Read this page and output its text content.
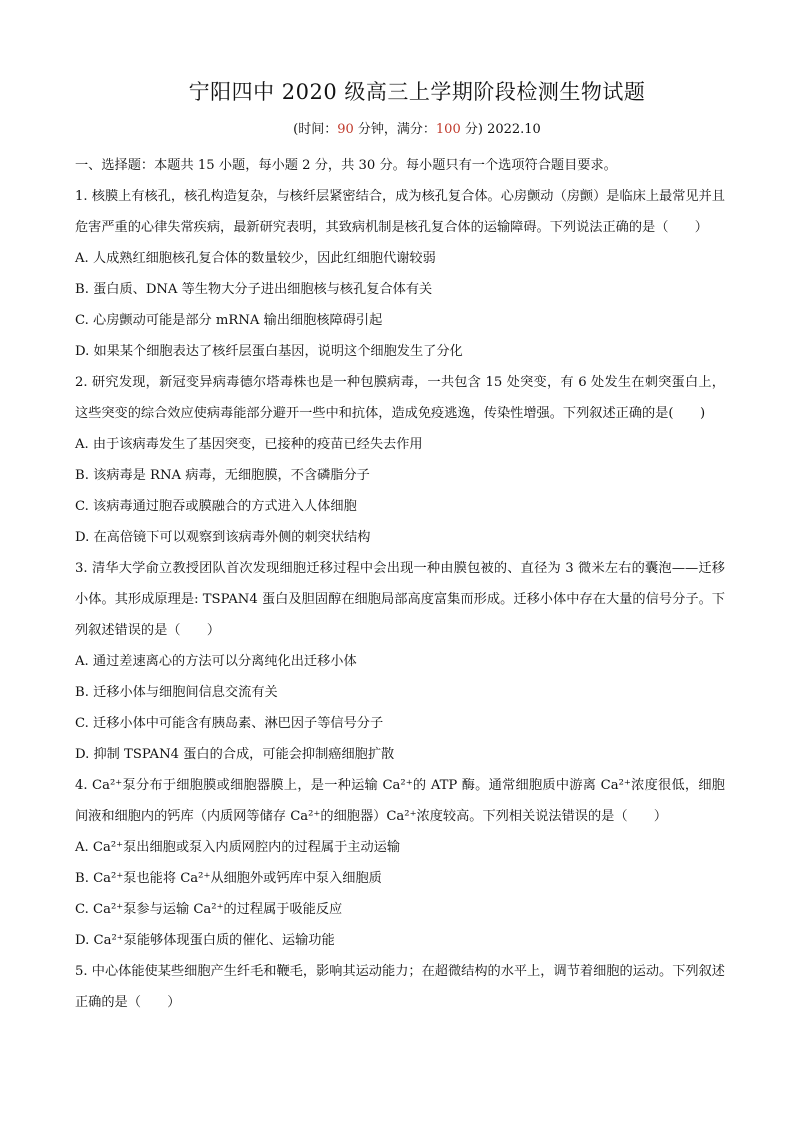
宁阳四中 2020 级高三上学期阶段检测生物试题
(时间：90 分钟，满分：100 分) 2022.10
一、选择题：本题共 15 小题，每小题 2 分，共 30 分。每小题只有一个选项符合题目要求。
1. 核膜上有核孔，核孔构造复杂，与核纤层紧密结合，成为核孔复合体。心房颤动（房颤）是临床上最常见并且危害严重的心律失常疾病，最新研究表明，其致病机制是核孔复合体的运输障碍。下列说法正确的是（　　）
A. 人成熟红细胞核孔复合体的数量较少，因此红细胞代谢较弱
B. 蛋白质、DNA 等生物大分子进出细胞核与核孔复合体有关
C. 心房颤动可能是部分 mRNA 输出细胞核障碍引起
D. 如果某个细胞表达了核纤层蛋白基因，说明这个细胞发生了分化
2. 研究发现，新冠变异病毒德尔塔毒株也是一种包膜病毒，一共包含 15 处突变，有 6 处发生在刺突蛋白上，这些突变的综合效应使病毒能部分避开一些中和抗体，造成免疫逃逸，传染性增强。下列叙述正确的是(　　)
A. 由于该病毒发生了基因突变，已接种的疫苗已经失去作用
B. 该病毒是 RNA 病毒，无细胞膜，不含磷脂分子
C. 该病毒通过胞吞或膜融合的方式进入人体细胞
D. 在高倍镜下可以观察到该病毒外侧的刺突状结构
3. 清华大学俞立教授团队首次发现细胞迁移过程中会出现一种由膜包被的、直径为 3 微米左右的囊泡——迁移小体。其形成原理是: TSPAN4 蛋白及胆固醇在细胞局部高度富集而形成。迁移小体中存在大量的信号分子。下列叙述错误的是（　　）
A. 通过差速离心的方法可以分离纯化出迁移小体
B. 迁移小体与细胞间信息交流有关
C. 迁移小体中可能含有胰岛素、淋巴因子等信号分子
D. 抑制 TSPAN4 蛋白的合成，可能会抑制癌细胞扩散
4. Ca²⁺泵分布于细胞膜或细胞器膜上，是一种运输 Ca²⁺的 ATP 酶。通常细胞质中游离 Ca²⁺浓度很低，细胞间液和细胞内的钙库（内质网等储存 Ca²⁺的细胞器）Ca²⁺浓度较高。下列相关说法错误的是（　　）
A. Ca²⁺泵出细胞或泵入内质网腔内的过程属于主动运输
B. Ca²⁺泵也能将 Ca²⁺从细胞外或钙库中泵入细胞质
C. Ca²⁺泵参与运输 Ca²⁺的过程属于吸能反应
D. Ca²⁺泵能够体现蛋白质的催化、运输功能
5. 中心体能使某些细胞产生纤毛和鞭毛，影响其运动能力；在超微结构的水平上，调节着细胞的运动。下列叙述正确的是（　　）
